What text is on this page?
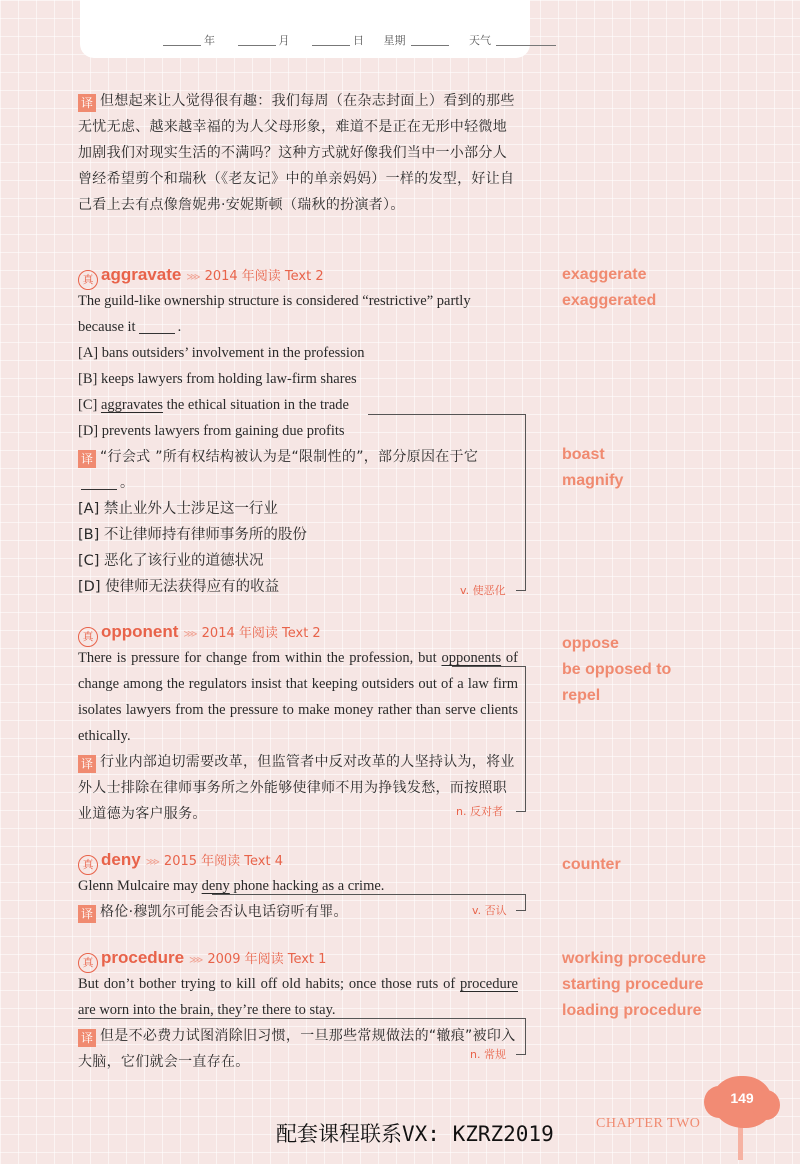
年	月	日 星期	天气
译 但想起来让人觉得很有趣：我们每周（在杂志封面上）看到的那些无忧无虑、越来越幸福的为人父母形象，难道不是正在无形中轻微地加剧我们对现实生活的不满吗？这种方式就好像我们当中一小部分人曾经希望剪个和瑞秋（《老友记》中的单亲妈妈）一样的发型，好让自己看上去有点像詹妮弗·安妮斯顿（瑞秋的扮演者）。
真 aggravate ⋙ 2014 年阅读 Text 2
The guild-like ownership structure is considered “restrictive” partly because it	.
[A] bans outsiders’ involvement in the profession
[B] keeps lawyers from holding law-firm shares
[C] aggravates the ethical situation in the trade
[D] prevents lawyers from gaining due profits
译 “行会式 ”所有权结构被认为是“限制性的”，部分原因在于它。
[A] 禁止业外人士涉足这一行业
[B] 不让律师持有律师事务所的股份
[C] 恶化了该行业的道德状况
[D] 使律师无法获得应有的收益	v. 使恶化
exaggerate
exaggerated
boast
magnify
真 opponent ⋙ 2014 年阅读 Text 2
There is pressure for change from within the profession, but opponents of change among the regulators insist that keeping outsiders out of a law firm isolates lawyers from the pressure to make money rather than serve clients ethically.
译 行业内部迫切需要改革，但监管者中反对改革的人坚持认为，将业外人士排除在律师事务所之外能够使律师不用为挣钱发愁，而按照职业道德为客户服务。	n. 反对者
oppose
be opposed to
repel
真 deny ⋙ 2015 年阅读 Text 4
Glenn Mulcaire may deny phone hacking as a crime.
译 格伦·穆凯尔可能会否认电话窃听有罪。	v. 否认
counter
真 procedure ⋙ 2009 年阅读 Text 1
But don’t bother trying to kill off old habits; once those ruts of procedure are worn into the brain, they’re there to stay.
译 但是不必费力试图消除旧习惯，一旦那些常规做法的“辙痕”被印入大脑，它们就会一直存在。	n. 常规
working procedure
starting procedure
loading procedure
配套课程联系VX: KZRZ2019	CHAPTER TWO
149
